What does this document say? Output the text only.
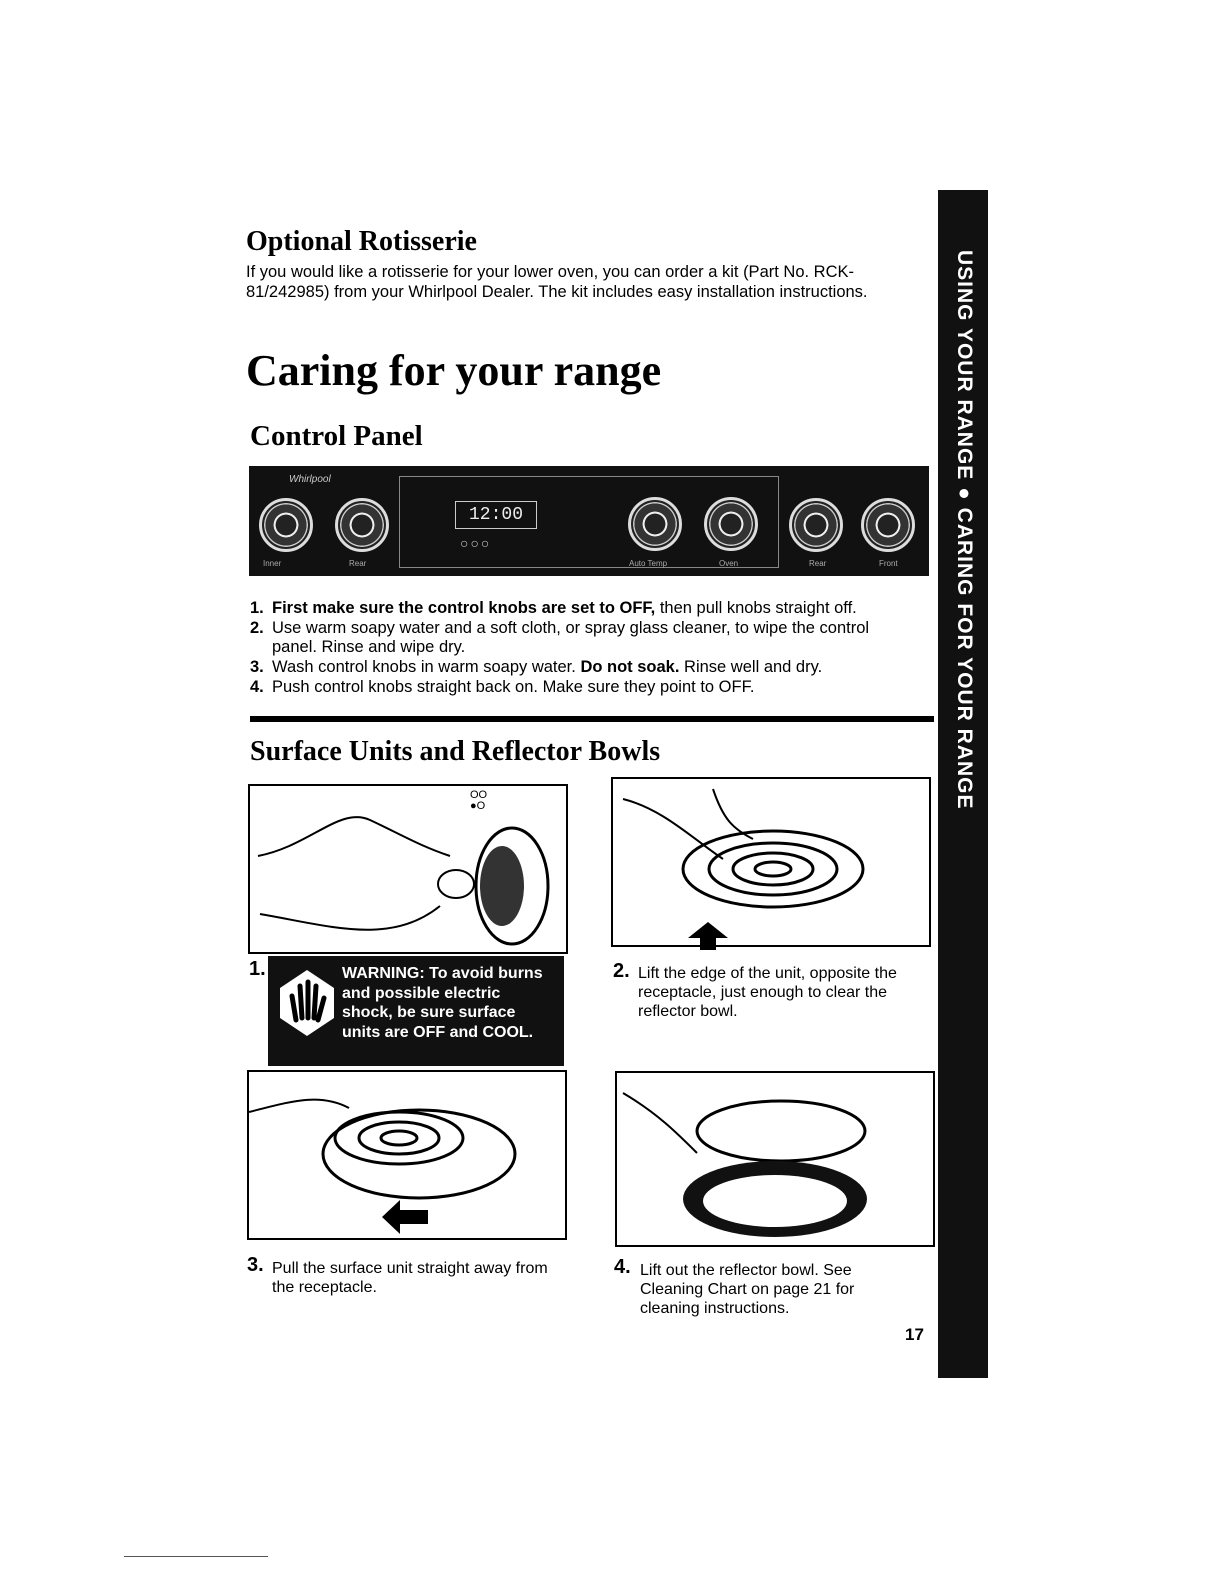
USING YOUR RANGE ● CARING FOR YOUR RANGE
Optional Rotisserie
If you would like a rotisserie for your lower oven, you can order a kit (Part No. RCK-81/242985) from your Whirlpool Dealer. The kit includes easy installation instructions.
Caring for your range
Control Panel
Whirlpool
12:00
○○○
Inner	Rear	Auto Temp	Oven	Rear	Front
1. First make sure the control knobs are set to OFF, then pull knobs straight off.
2. Use warm soapy water and a soft cloth, or spray glass cleaner, to wipe the control panel. Rinse and wipe dry.
3. Wash control knobs in warm soapy water. Do not soak. Rinse well and dry.
4. Push control knobs straight back on. Make sure they point to OFF.
Surface Units and Reflector Bowls
OO
●O
1.	WARNING: To avoid burns and possible electric shock, be sure surface units are OFF and COOL.
2. Lift the edge of the unit, opposite the receptacle, just enough to clear the reflector bowl.
3. Pull the surface unit straight away from the receptacle.
4. Lift out the reflector bowl. See Cleaning Chart on page 21 for cleaning instructions.
17
